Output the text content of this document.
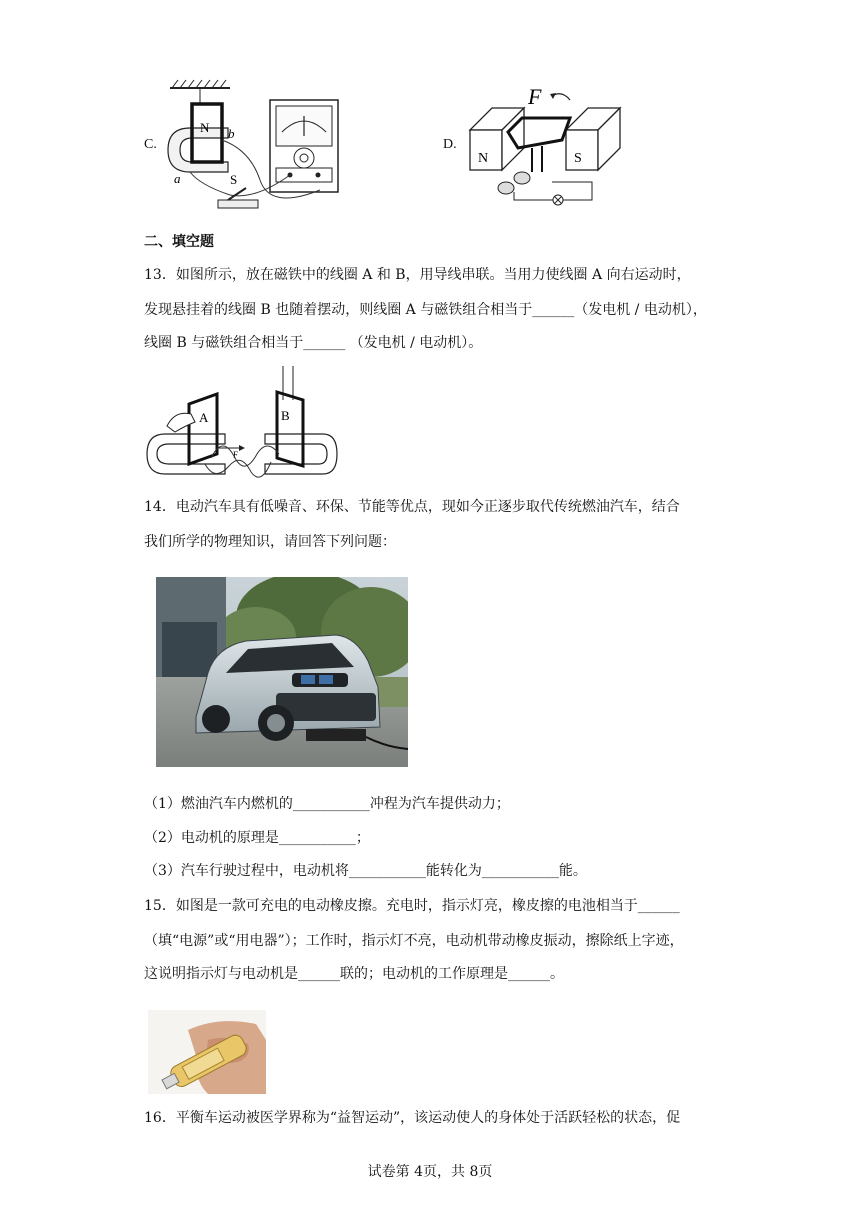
C.
N
a
b
S
D.
F
N	S
二、填空题
13．如图所示，放在磁铁中的线圈 A 和 B，用导线串联。当用力使线圈 A 向右运动时，
发现悬挂着的线圈 B 也随着摆动，则线圈 A 与磁铁组合相当于______（发电机 / 电动机），
线圈 B 与磁铁组合相当于______ （发电机 / 电动机）。
A
F
B
14．电动汽车具有低噪音、环保、节能等优点，现如今正逐步取代传统燃油汽车，结合
我们所学的物理知识，请回答下列问题：
（1）燃油汽车内燃机的___________冲程为汽车提供动力；
（2）电动机的原理是___________；
（3）汽车行驶过程中，电动机将___________能转化为___________能。
15．如图是一款可充电的电动橡皮擦。充电时，指示灯亮，橡皮擦的电池相当于______
（填“电源”或“用电器”）；工作时，指示灯不亮，电动机带动橡皮振动，擦除纸上字迹，
这说明指示灯与电动机是______联的；电动机的工作原理是______。
16．平衡车运动被医学界称为“益智运动”，该运动使人的身体处于活跃轻松的状态，促
试卷第 4页，共 8页
